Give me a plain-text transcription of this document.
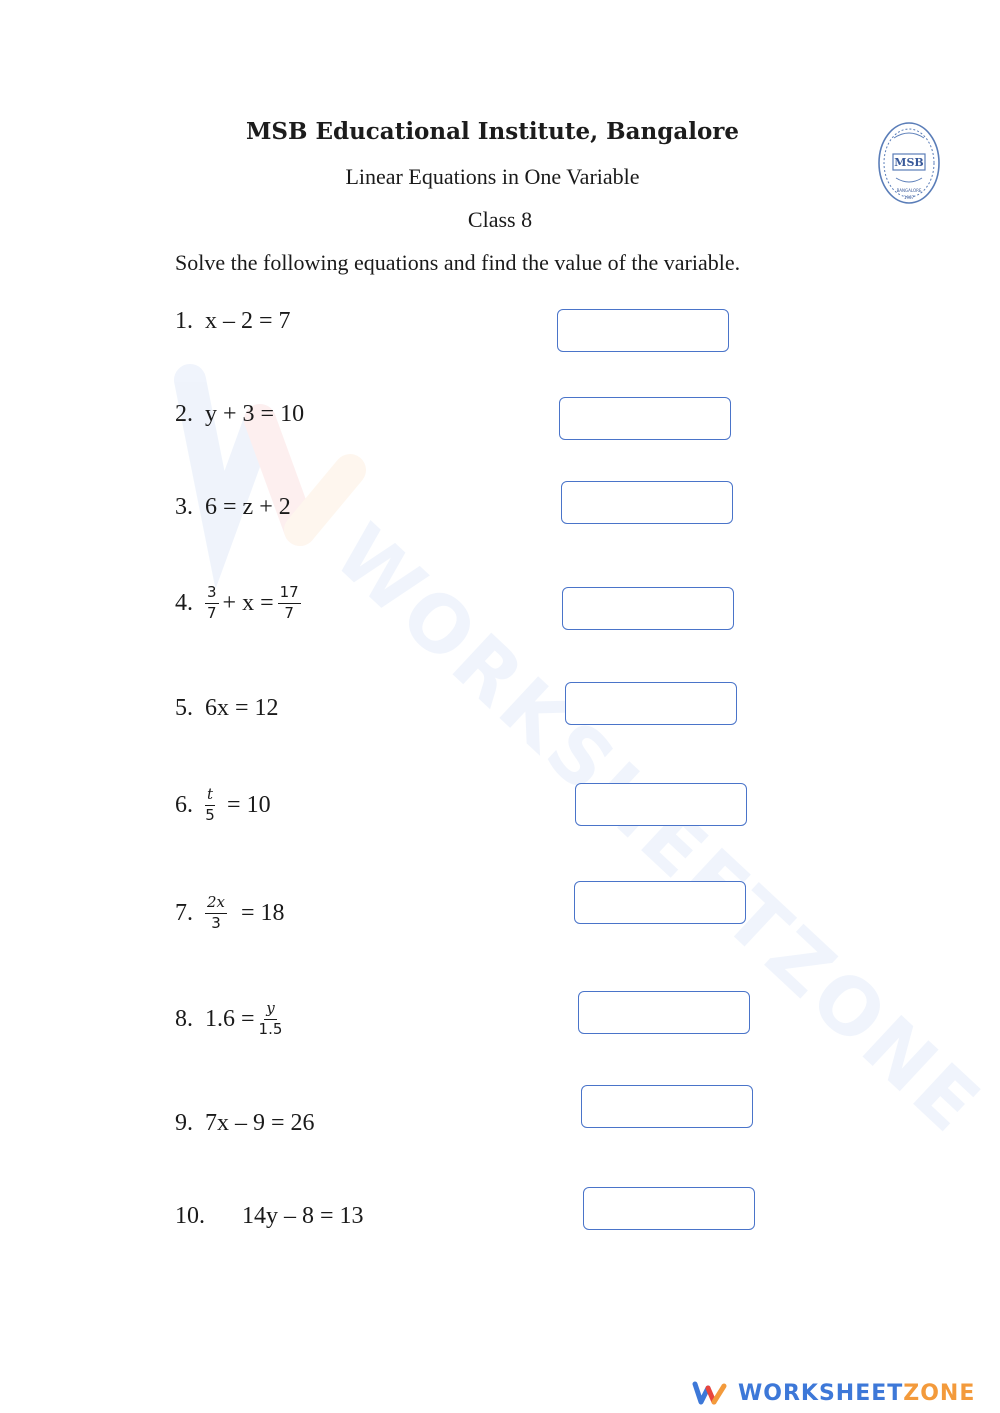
WORKSHEETZONE
MSB Educational Institute, Bangalore
Linear Equations in One Variable
Class 8
MSB
BANGALORE
1967
Solve the following equations and find the value of the variable.
1. x – 2 = 7
2. y + 3 = 10
3. 6 = z + 2
4. $\frac{3}{7} + x = \frac{17}{7}$
5. 6x = 12
6. $\frac{t}{5} = 10$
7. $\frac{2x}{3} = 18$
8. $1.6 = \frac{y}{1.5}$
9. 7x – 9 = 26
10.	14y – 8 = 13
WORKSHEETZONE
